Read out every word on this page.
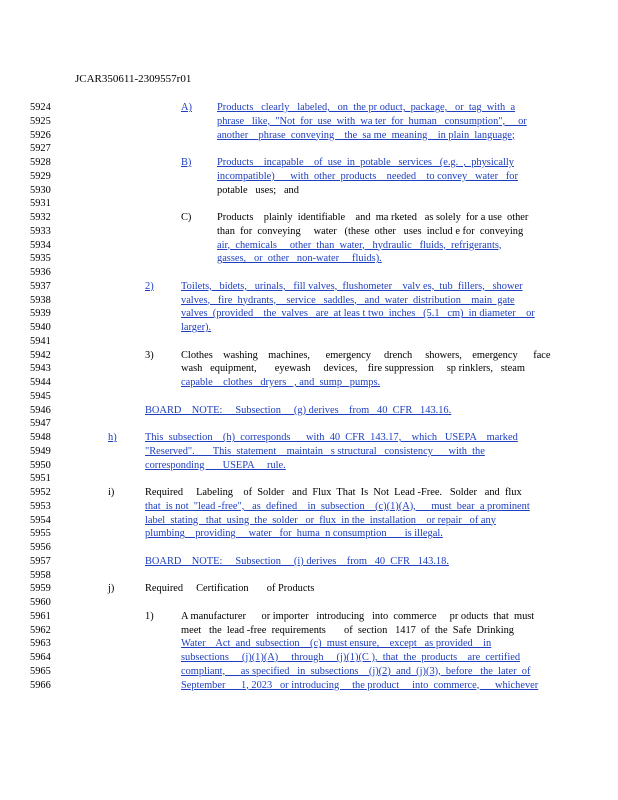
JCAR350611-2309557r01
5924
5925
5926
5927
5928
5929
5930
5931
5932
5933
5934
5935
5936
5937
5938
5939
5940
5941
5942
5943
5944
5945
5946
5947
5948
5949
5950
5951
5952
5953
5954
5955
5956
5957
5958
5959
5960
5961
5962
5963
5964
5965
5966
A) Products   clearly   labeled,   on  the pr oduct,  package,   or  tag  with  a
phrase   like,  "Not  for  use  with  wa ter  for  human   consumption",     or
another    phrase  conveying    the  sa me  meaning    in plain  language;
B) Products    incapable    of  use  in  potable   services   (e.g.  ,  physically
incompatible)      with  other  products    needed    to convey   water   for
potable   uses;   and
C) Products    plainly  identifiable    and  ma rketed   as solely  for a use  other
than  for  conveying     water   (these  other   uses  includ e for  conveying
air,  chemicals     other  than  water,   hydraulic   fluids,  refrigerants,
gasses,   or  other   non-water     fluids).
2)	Toilets,   bidets,   urinals,   fill valves,  flushometer    valv es,  tub  fillers,   shower
valves,   fire  hydrants,    service   saddles,   and  water  distribution    main  gate
valves  (provided    the  valves   are  at leas t two  inches   (5.1   cm)  in diameter    or
larger).
3)	Clothes    washing    machines,      emergency     drench     showers,    emergency      face
wash   equipment,       eyewash     devices,    fire suppression     sp rinklers,   steam
capable    clothes   dryers   , and  sump   pumps.
BOARD    NOTE:     Subsection     (g) derives    from   40  CFR   143.16.
h)	This  subsection    (h)  corresponds      with  40  CFR  143.17,    which   USEPA    marked
"Reserved".       This  statement    maintain   s structural   consistency      with  the
corresponding       USEPA     rule.
i)	Required     Labeling    of  Solder   and  Flux  That  Is  Not  Lead -Free.   Solder   and  flux
that  is not  "lead -free",   as  defined    in  subsection    (c)(1)(A),      must  bear  a prominent
label  stating   that  using  the  solder   or  flux  in the  installation    or repair   of any
plumbing    providing     water   for  huma  n consumption       is illegal.
BOARD    NOTE:     Subsection     (i) derives    from   40  CFR   143.18.
j)	Required     Certification       of Products
1)	A manufacturer      or importer   introducing   into  commerce     pr oducts  that  must
meet   the  lead -free  requirements       of  section   1417  of  the  Safe  Drinking
Water    Act  and  subsection    (c)  must ensure,    except   as provided    in
subsections     (j)(1)(A)     through     (j)(1)(C ),  that  the  products    are  certified
compliant,      as specified   in  subsections    (j)(2)  and  (j)(3),  before   the  later  of
September      1, 2023   or introducing     the product     into  commerce,      whichever
